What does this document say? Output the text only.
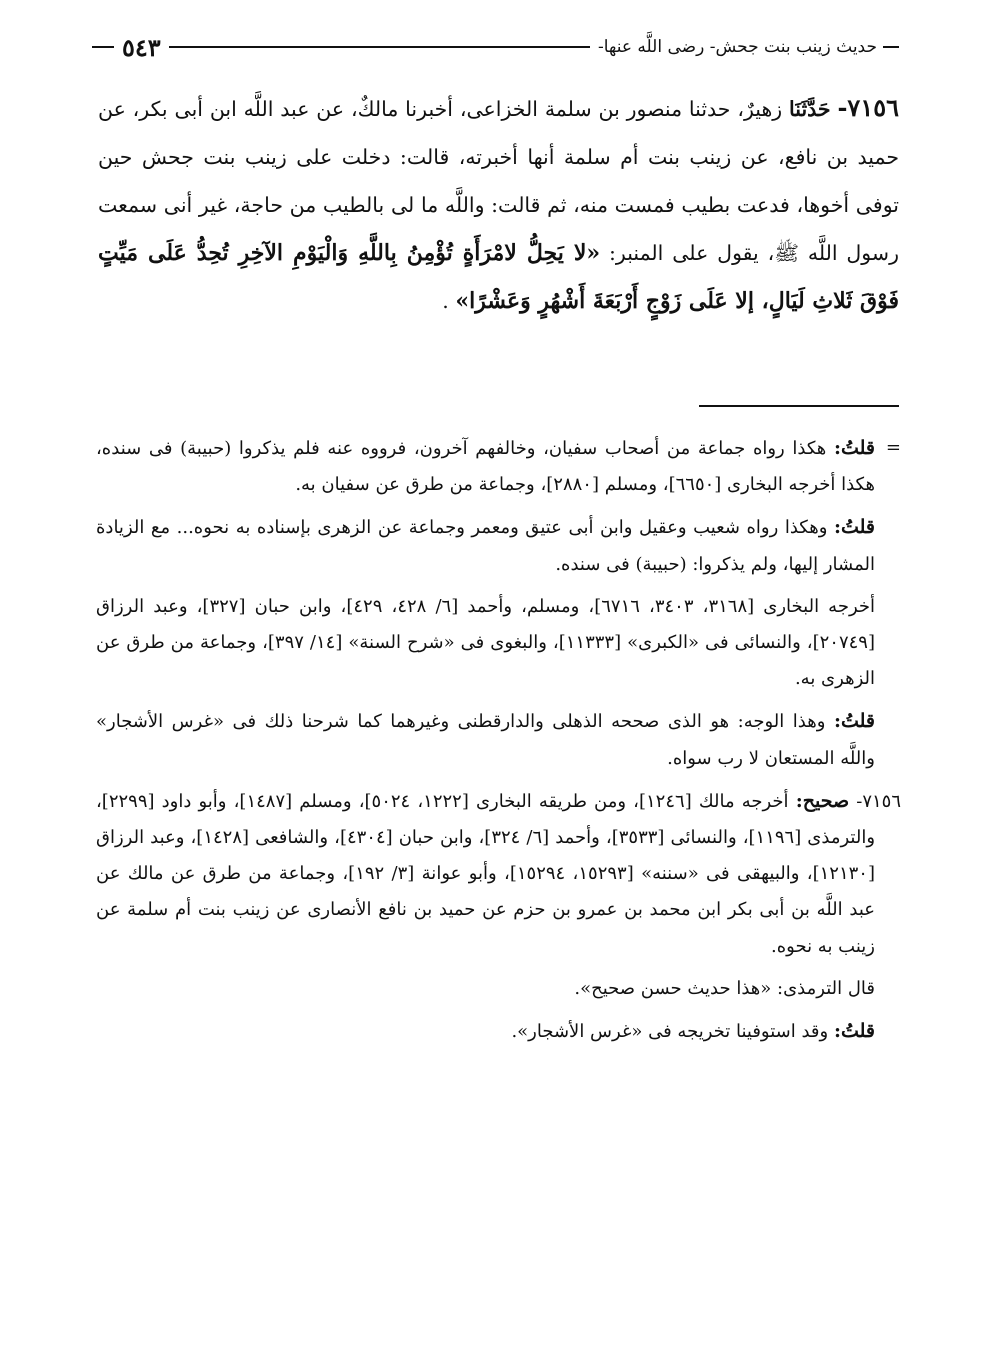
٥٤٣	حديث زينب بنت جحش- رضى اللَّه عنها-
٧١٥٦- حَدَّثَنَا زهيرٌ، حدثنا منصور بن سلمة الخزاعى، أخبرنا مالكٌ، عن عبد اللَّه ابن أبى بكر، عن حميد بن نافع، عن زينب بنت أم سلمة أنها أخبرته، قالت: دخلت على زينب بنت جحش حين توفى أخوها، فدعت بطيب فمست منه، ثم قالت: واللَّه ما لى بالطيب من حاجة، غير أنى سمعت رسول اللَّه ﷺ، يقول على المنبر: «لا يَحِلُّ لامْرَأَةٍ تُؤْمِنُ بِاللَّهِ وَالْيَوْمِ الآخِرِ تُحِدُّ عَلَى مَيِّتٍ فَوْقَ ثَلاثِ لَيَالٍ، إلا عَلَى زَوْجٍ أَرْبَعَةَ أَشْهُرٍ وَعَشْرًا» .

=
قلتُ: هكذا رواه جماعة من أصحاب سفيان، وخالفهم آخرون، فرووه عنه فلم يذكروا (حبيبة) فى سنده، هكذا أخرجه البخارى [٦٦٥٠]، ومسلم [٢٨٨٠]، وجماعة من طرق عن سفيان به.

قلتُ: وهكذا رواه شعيب وعقيل وابن أبى عتيق ومعمر وجماعة عن الزهرى بإسناده به نحوه... مع الزيادة المشار إليها، ولم يذكروا: (حبيبة) فى سنده.

أخرجه البخارى [٣١٦٨، ٣٤٠٣، ٦٧١٦]، ومسلم، وأحمد [٦/ ٤٢٨، ٤٢٩]، وابن حبان [٣٢٧]، وعبد الرزاق [٢٠٧٤٩]، والنسائى فى «الكبرى» [١١٣٣٣]، والبغوى فى «شرح السنة» [١٤/ ٣٩٧]، وجماعة من طرق عن الزهرى به.

قلتُ: وهذا الوجه: هو الذى صححه الذهلى والدارقطنى وغيرهما كما شرحنا ذلك فى «غرس الأشجار» واللَّه المستعان لا رب سواه.

٧١٥٦- صحيح: أخرجه مالك [١٢٤٦]، ومن طريقه البخارى [١٢٢٢، ٥٠٢٤]، ومسلم [١٤٨٧]، وأبو داود [٢٢٩٩]، والترمذى [١١٩٦]، والنسائى [٣٥٣٣]، وأحمد [٦/ ٣٢٤]، وابن حبان [٤٣٠٤]، والشافعى [١٤٢٨]، وعبد الرزاق [١٢١٣٠]، والبيهقى فى «سننه» [١٥٢٩٣، ١٥٢٩٤]، وأبو عوانة [٣/ ١٩٢]، وجماعة من طرق عن مالك عن عبد اللَّه بن أبى بكر ابن محمد بن عمرو بن حزم عن حميد بن نافع الأنصارى عن زينب بنت أم سلمة عن زينب به نحوه.

قال الترمذى: «هذا حديث حسن صحيح».

قلتُ: وقد استوفينا تخريجه فى «غرس الأشجار».
